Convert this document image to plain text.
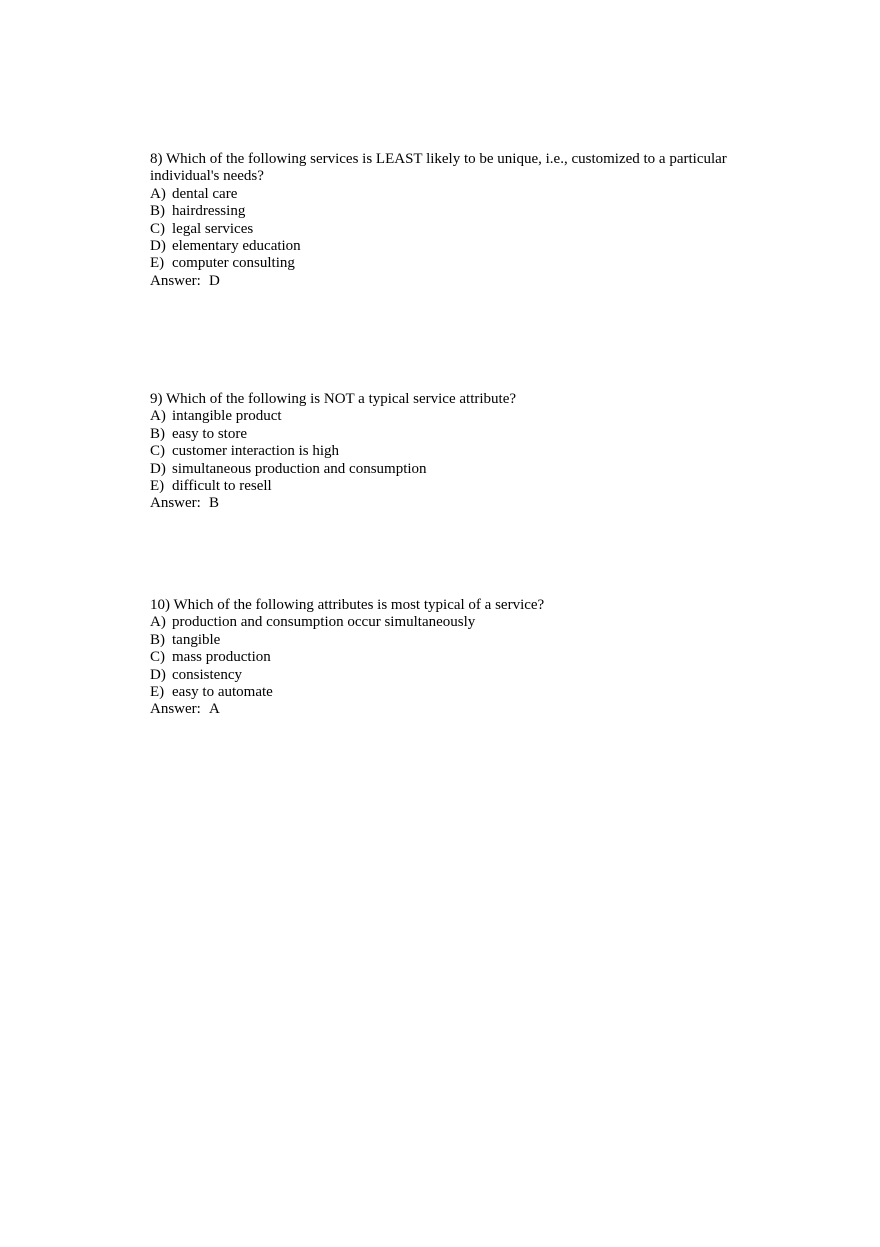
8) Which of the following services is LEAST likely to be unique, i.e., customized to a particular individual's needs?
A) dental care
B) hairdressing
C) legal services
D) elementary education
E) computer consulting
Answer: D
9) Which of the following is NOT a typical service attribute?
A) intangible product
B) easy to store
C) customer interaction is high
D) simultaneous production and consumption
E) difficult to resell
Answer: B
10) Which of the following attributes is most typical of a service?
A) production and consumption occur simultaneously
B) tangible
C) mass production
D) consistency
E) easy to automate
Answer: A
